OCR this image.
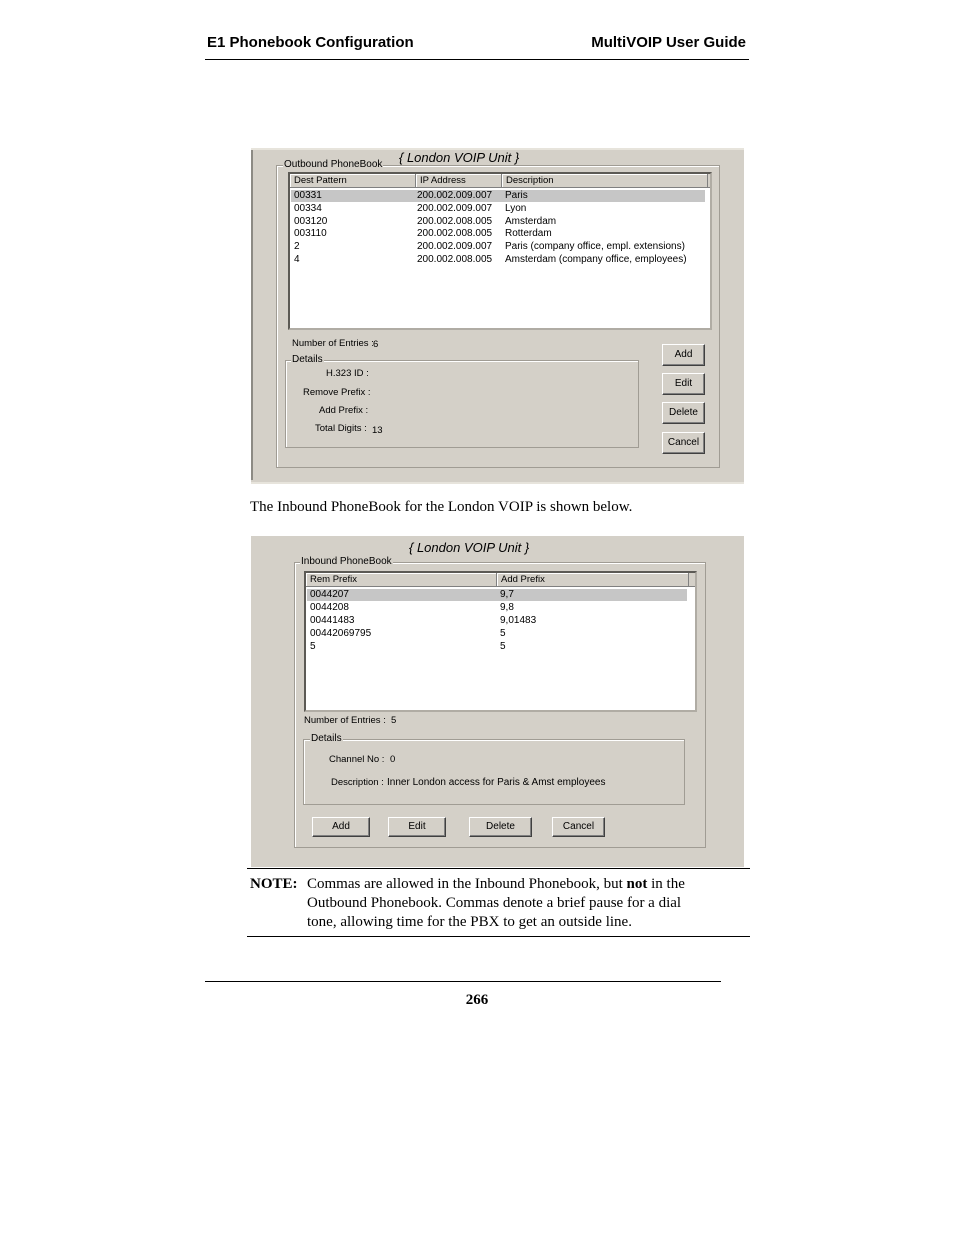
E1 Phonebook Configuration	MultiVOIP User Guide
{ London VOIP Unit }
Outbound PhoneBook
Dest Pattern	IP Address	Description
00331	200.002.009.007 Paris
00334	200.002.009.007 Lyon
003120	200.002.008.005 Amsterdam
003110	200.002.008.005 Rotterdam
2	200.002.009.007 Paris (company office, empl. extensions)
4	200.002.008.005 Amsterdam (company office, employees)
Number of Entries : 6
Details
H.323 ID :
Remove Prefix :
Add Prefix :
Total Digits : 13
Add
Edit
Delete
Cancel
The Inbound PhoneBook for the London VOIP is shown below.
{ London VOIP Unit }
Inbound PhoneBook
Rem Prefix	Add Prefix
0044207	9,7
0044208	9,8
00441483	9,01483
00442069795	5
5	5
Number of Entries : 5
Details
Channel No : 0
Description : Inner London access for Paris & Amst employees
Add	Edit	Delete	Cancel
NOTE: Commas are allowed in the Inbound Phonebook, but not in the
Outbound Phonebook. Commas denote a brief pause for a dial
tone, allowing time for the PBX to get an outside line.
266
